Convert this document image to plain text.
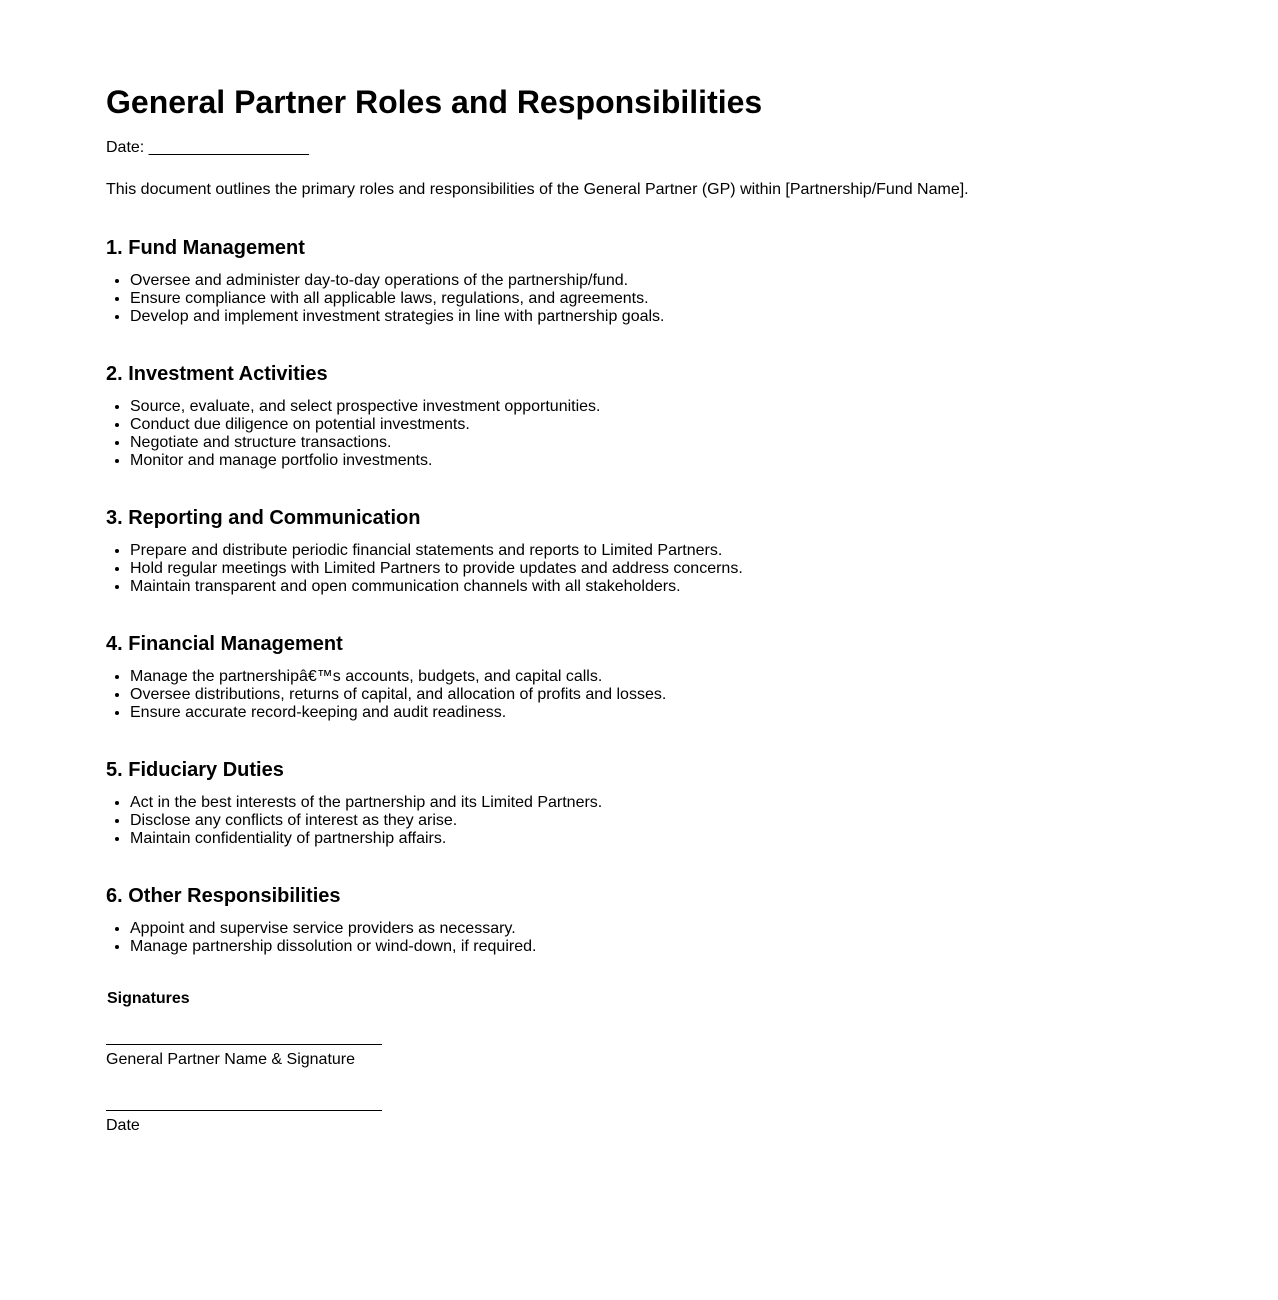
General Partner Roles and Responsibilities
Date: __________________
This document outlines the primary roles and responsibilities of the General Partner (GP) within [Partnership/Fund Name].
1. Fund Management
• Oversee and administer day-to-day operations of the partnership/fund.
• Ensure compliance with all applicable laws, regulations, and agreements.
• Develop and implement investment strategies in line with partnership goals.
2. Investment Activities
• Source, evaluate, and select prospective investment opportunities.
• Conduct due diligence on potential investments.
• Negotiate and structure transactions.
• Monitor and manage portfolio investments.
3. Reporting and Communication
• Prepare and distribute periodic financial statements and reports to Limited Partners.
• Hold regular meetings with Limited Partners to provide updates and address concerns.
• Maintain transparent and open communication channels with all stakeholders.
4. Financial Management
• Manage the partnershipâ€™s accounts, budgets, and capital calls.
• Oversee distributions, returns of capital, and allocation of profits and losses.
• Ensure accurate record-keeping and audit readiness.
5. Fiduciary Duties
• Act in the best interests of the partnership and its Limited Partners.
• Disclose any conflicts of interest as they arise.
• Maintain confidentiality of partnership affairs.
6. Other Responsibilities
• Appoint and supervise service providers as necessary.
• Manage partnership dissolution or wind-down, if required.
Signatures
General Partner Name & Signature
Date
